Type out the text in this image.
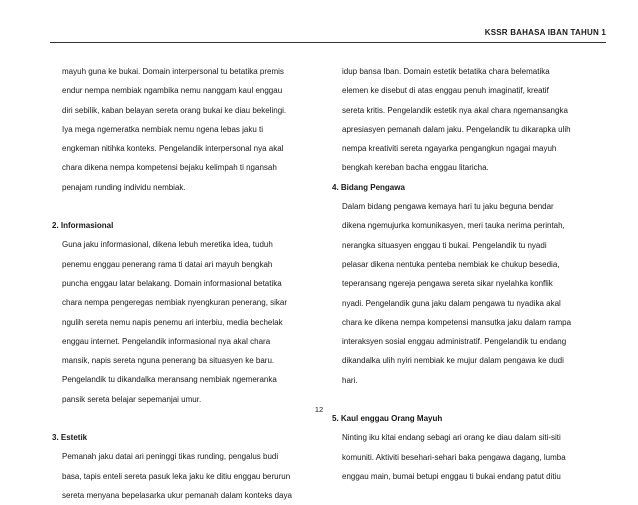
KSSR BAHASA IBAN TAHUN 1
mayuh guna ke bukai. Domain interpersonal tu betatika premis
endur nempa nembiak ngambika nemu nanggam kaul enggau
diri sebilik, kaban belayan sereta orang bukai ke diau bekelingi.
Iya mega ngemeratka nembiak nemu ngena lebas jaku ti
engkeman nitihka konteks. Pengelandik interpersonal nya akal
chara dikena nempa kompetensi bejaku kelimpah ti ngansah
penajam runding individu nembiak.

2. Informasional

Guna jaku informasional, dikena lebuh meretika idea, tuduh
penemu enggau penerang rama ti datai ari mayuh bengkah
puncha enggau latar belakang. Domain informasional betatika
chara nempa pengeregas nembiak nyengkuran penerang, sikar
ngulih sereta nemu napis penemu ari interbiu, media bechelak
enggau internet. Pengelandik informasional nya akal chara
mansik, napis sereta nguna penerang ba situasyen ke baru.
Pengelandik tu dikandalka meransang nembiak ngemeranka
pansik sereta belajar sepemanjai umur.

3. Estetik

Pemanah jaku datai ari peninggi tikas runding, pengalus budi
basa, tapis enteli sereta pasuk leka jaku ke ditiu enggau berurun
sereta menyana bepelasarka ukur pemanah dalam konteks daya
idup bansa Iban. Domain estetik betatika chara belematika
elemen ke disebut di atas enggau penuh imaginatif, kreatif
sereta kritis. Pengelandik estetik nya akal chara ngemansangka
apresiasyen pemanah dalam jaku. Pengelandik tu dikarapka ulih
nempa kreativiti sereta ngayarka pengangkun ngagai mayuh
bengkah kereban bacha enggau litaricha.

4. Bidang Pengawa

Dalam bidang pengawa kemaya hari tu jaku beguna bendar
dikena ngemujurka komunikasyen, meri tauka nerima perintah,
nerangka situasyen enggau ti bukai. Pengelandik tu nyadi
pelasar dikena nentuka penteba nembiak ke chukup besedia,
teperansang ngereja pengawa sereta sikar nyelahka konflik
nyadi. Pengelandik guna jaku dalam pengawa tu nyadika akal
chara ke dikena nempa kompetensi mansutka jaku dalam rampa
interaksyen sosial enggau administratif. Pengelandik tu endang
dikandalka ulih nyiri nembiak ke mujur dalam pengawa ke dudi
hari.

5. Kaul enggau Orang Mayuh

Ninting iku kitai endang sebagi ari orang ke diau dalam siti-siti
komuniti. Aktiviti besehari-sehari baka pengawa dagang, lumba
enggau main, bumai betupi enggau ti bukai endang patut ditiu
12
